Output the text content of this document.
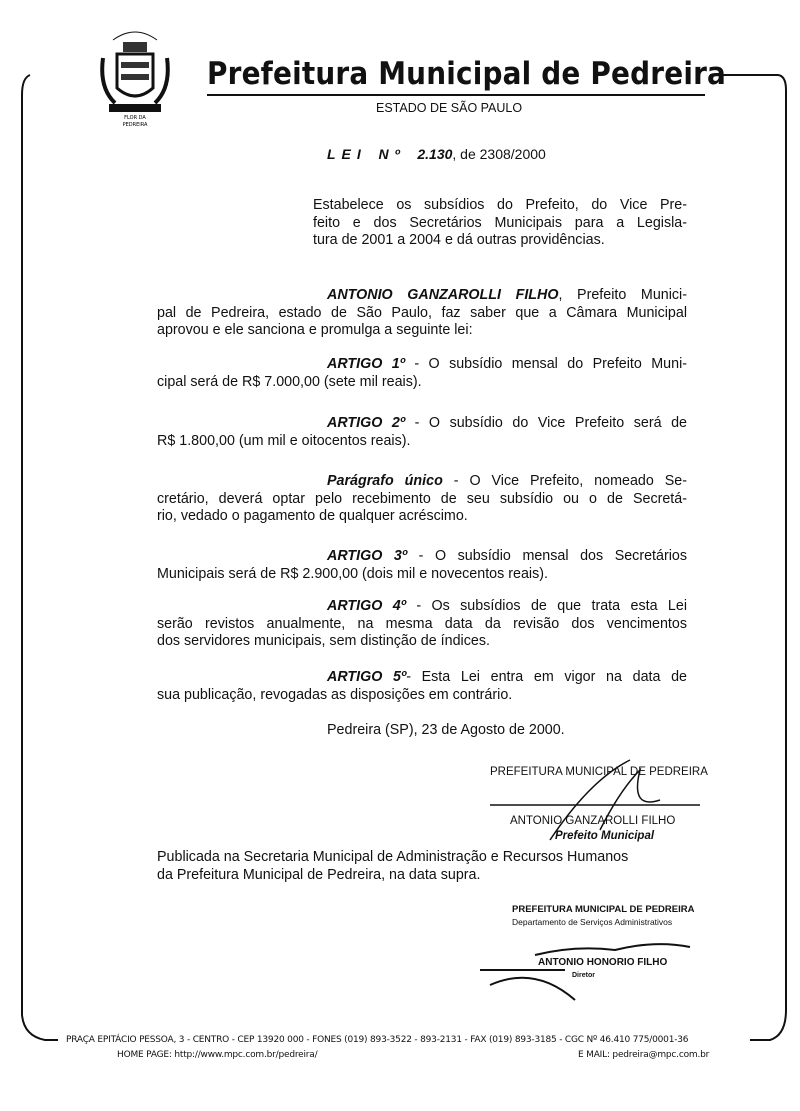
FLOR DA
PEDREIRA
Prefeitura Municipal de Pedreira
ESTADO DE SÃO PAULO
LEI Nº 2.130, de 2308/2000
Estabelece os subsídios do Prefeito, do Vice Pre-
feito e dos Secretários Municipais para a Legisla-
tura de 2001 a 2004 e dá outras providências.
ANTONIO GANZAROLLI FILHO, Prefeito Munici-
pal de Pedreira, estado de São Paulo, faz saber que a Câmara Municipal
aprovou e ele sanciona e promulga a seguinte lei:
ARTIGO 1º - O subsídio mensal do Prefeito Muni-
cipal será de R$ 7.000,00 (sete mil reais).
ARTIGO 2º - O subsídio do Vice Prefeito será de
R$ 1.800,00 (um mil e oitocentos reais).
Parágrafo único - O Vice Prefeito, nomeado Se-
cretário, deverá optar pelo recebimento de seu subsídio ou o de Secretá-
rio, vedado o pagamento de qualquer acréscimo.
ARTIGO 3º - O subsídio mensal dos Secretários
Municipais será de R$ 2.900,00 (dois mil e novecentos reais).
ARTIGO 4º - Os subsídios de que trata esta Lei
serão revistos anualmente, na mesma data da revisão dos vencimentos
dos servidores municipais, sem distinção de índices.
ARTIGO 5º- Esta Lei entra em vigor na data de
sua publicação, revogadas as disposições em contrário.
Pedreira (SP), 23 de Agosto de 2000.
PREFEITURA MUNICIPAL DE PEDREIRA
ANTONIO GANZAROLLI FILHO
Prefeito Municipal
Publicada na Secretaria Municipal de Administração e Recursos Humanos
da Prefeitura Municipal de Pedreira, na data supra.
PREFEITURA MUNICIPAL DE PEDREIRA
Departamento de Serviços Administrativos
ANTONIO HONORIO FILHO
Diretor
PRAÇA EPITÁCIO PESSOA, 3 - CENTRO - CEP 13920 000 - FONES (019) 893-3522 - 893-2131 - FAX (019) 893-3185 - CGC Nº 46.410 775/0001-36
HOME PAGE: http://www.mpc.com.br/pedreira/	E MAIL: pedreira@mpc.com.br
